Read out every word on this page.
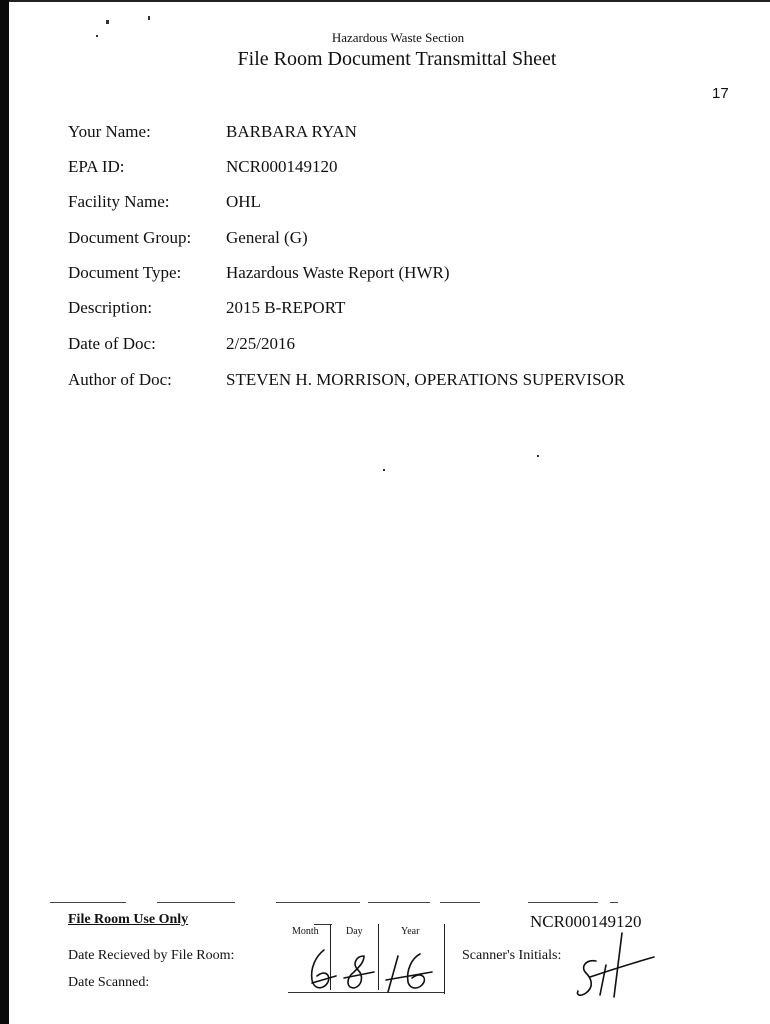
Hazardous Waste Section
File Room Document Transmittal Sheet
17
Your Name:	BARBARA RYAN
EPA ID:	NCR000149120
Facility Name:	OHL
Document Group: General (G)
Document Type:	Hazardous Waste Report (HWR)
Description:	2015 B-REPORT
Date of Doc:	2/25/2016
Author of Doc:	STEVEN H. MORRISON, OPERATIONS SUPERVISOR
File Room Use Only
Date Recieved by File Room:
Date Scanned:
Month	Day	Year
NCR000149120
Scanner's Initials:
